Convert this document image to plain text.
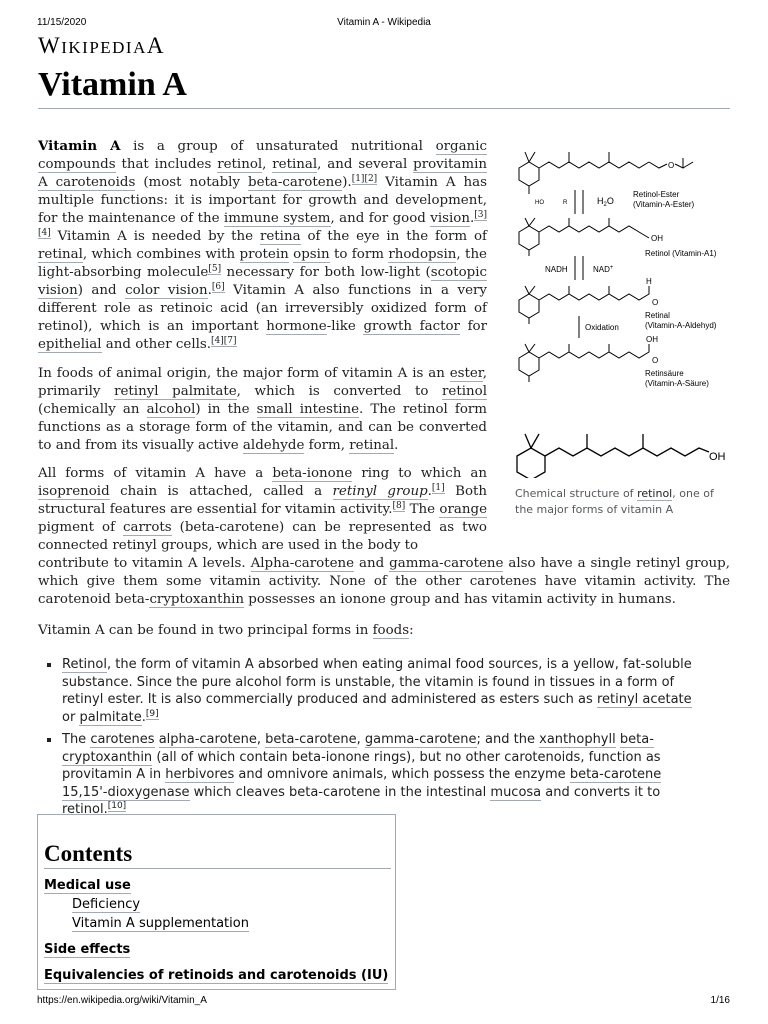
11/15/2020	Vitamin A - Wikipedia
WIKIPEDIAA
Vitamin A
Vitamin A is a group of unsaturated nutritional organic compounds that includes retinol, retinal, and several provitamin A carotenoids (most notably beta-carotene).[1][2] Vitamin A has multiple functions: it is important for growth and development, for the maintenance of the immune system, and for good vision.[3][4] Vitamin A is needed by the retina of the eye in the form of retinal, which combines with protein opsin to form rhodopsin, the light-absorbing molecule[5] necessary for both low-light (scotopic vision) and color vision.[6] Vitamin A also functions in a very different role as retinoic acid (an irreversibly oxidized form of retinol), which is an important hormone-like growth factor for epithelial and other cells.[4][7]
In foods of animal origin, the major form of vitamin A is an ester, primarily retinyl palmitate, which is converted to retinol (chemically an alcohol) in the small intestine. The retinol form functions as a storage form of the vitamin, and can be converted to and from its visually active aldehyde form, retinal.
All forms of vitamin A have a beta-ionone ring to which an isoprenoid chain is attached, called a retinyl group.[1] Both structural features are essential for vitamin activity.[8] The orange pigment of carrots (beta-carotene) can be represented as two connected retinyl groups, which are used in the body to
contribute to vitamin A levels. Alpha-carotene and gamma-carotene also have a single retinyl group, which give them some vitamin activity. None of the other carotenes have vitamin activity. The carotenoid beta-cryptoxanthin possesses an ionone group and has vitamin activity in humans.
Vitamin A can be found in two principal forms in foods:
Retinol, the form of vitamin A absorbed when eating animal food sources, is a yellow, fat-soluble substance. Since the pure alcohol form is unstable, the vitamin is found in tissues in a form of retinyl ester. It is also commercially produced and administered as esters such as retinyl acetate or palmitate.[9]
The carotenes alpha-carotene, beta-carotene, gamma-carotene; and the xanthophyll beta-cryptoxanthin (all of which contain beta-ionone rings), but no other carotenoids, function as provitamin A in herbivores and omnivore animals, which possess the enzyme beta-carotene 15,15'-dioxygenase which cleaves beta-carotene in the intestinal mucosa and converts it to retinol.[10]
O
Retinol-Ester
(Vitamin-A-Ester)
HO	R	$H_2O$
OH
Retinol (Vitamin-A1)
NADH	NAD+
H
O
Retinal
(Vitamin-A-Aldehyd)
Oxidation
OH
O
Retinsäure
(Vitamin-A-Säure)
OH
Chemical structure of retinol, one of the major forms of vitamin A
Contents
Medical use
Deficiency
Vitamin A supplementation
Side effects
Equivalencies of retinoids and carotenoids (IU)
https://en.wikipedia.org/wiki/Vitamin_A	1/16
